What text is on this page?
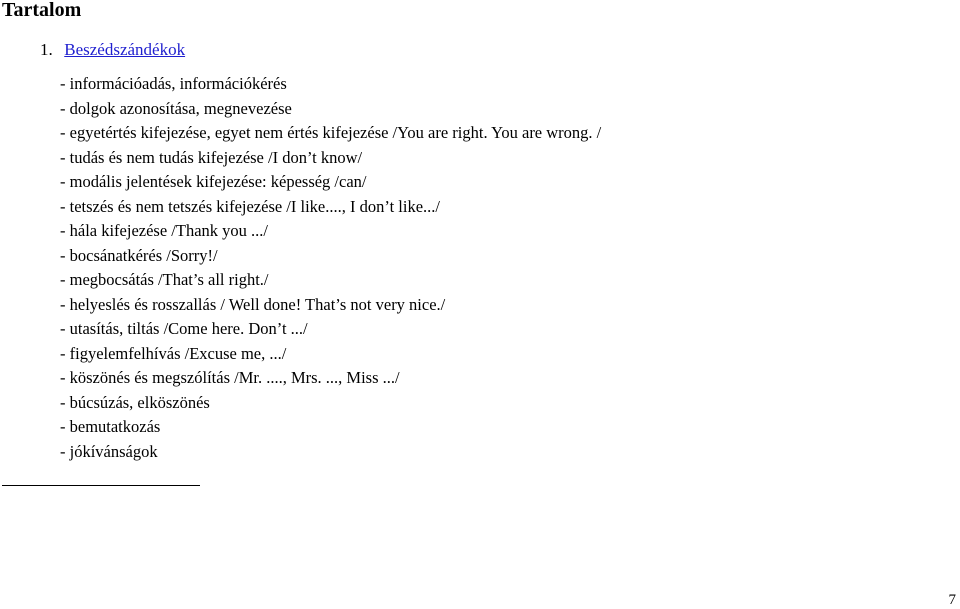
Tartalom
1. Beszédszándékok
- információadás, információkérés
- dolgok azonosítása, megnevezése
- egyetértés kifejezése, egyet nem értés kifejezése /You are right. You are wrong. /
- tudás és nem tudás kifejezése /I don’t know/
- modális jelentések kifejezése: képesség /can/
- tetszés és nem tetszés kifejezése /I like...., I don’t like.../
- hála kifejezése /Thank you .../
- bocsánatkérés /Sorry!/
- megbocsátás /That’s all right./
- helyeslés és rosszallás / Well done! That’s not very nice./
- utasítás, tiltás /Come here. Don’t .../
- figyelemfelhívás /Excuse me, .../
- köszönés és megszólítás /Mr. ...., Mrs. ..., Miss .../
- búcsúzás, elköszönés
- bemutatkozás
- jókívánságok
7
